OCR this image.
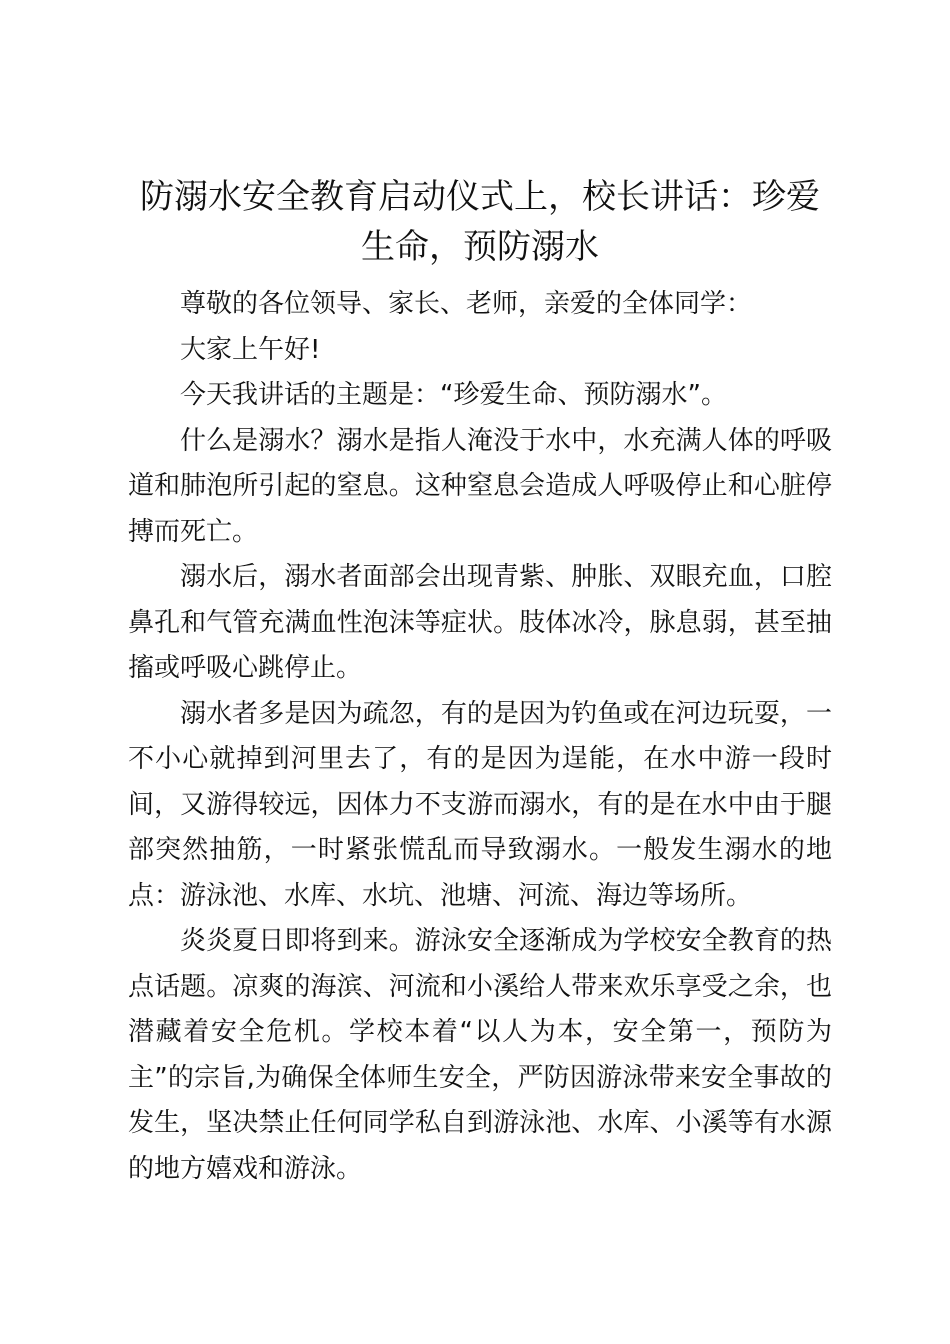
防溺水安全教育启动仪式上，校长讲话：珍爱生命，预防溺水

尊敬的各位领导、家长、老师，亲爱的全体同学：

大家上午好!

今天我讲话的主题是：“珍爱生命、预防溺水”。

什么是溺水？溺水是指人淹没于水中，水充满人体的呼吸道和肺泡所引起的窒息。这种窒息会造成人呼吸停止和心脏停搏而死亡。

溺水后，溺水者面部会出现青紫、肿胀、双眼充血，口腔鼻孔和气管充满血性泡沫等症状。肢体冰冷，脉息弱，甚至抽搐或呼吸心跳停止。

溺水者多是因为疏忽，有的是因为钓鱼或在河边玩耍，一不小心就掉到河里去了，有的是因为逞能，在水中游一段时间，又游得较远，因体力不支游而溺水，有的是在水中由于腿部突然抽筋，一时紧张慌乱而导致溺水。一般发生溺水的地点：游泳池、水库、水坑、池塘、河流、海边等场所。

炎炎夏日即将到来。游泳安全逐渐成为学校安全教育的热点话题。凉爽的海滨、河流和小溪给人带来欢乐享受之余，也潜藏着安全危机。学校本着“以人为本，安全第一，预防为主”的宗旨,为确保全体师生安全，严防因游泳带来安全事故的发生，坚决禁止任何同学私自到游泳池、水库、小溪等有水源的地方嬉戏和游泳。
